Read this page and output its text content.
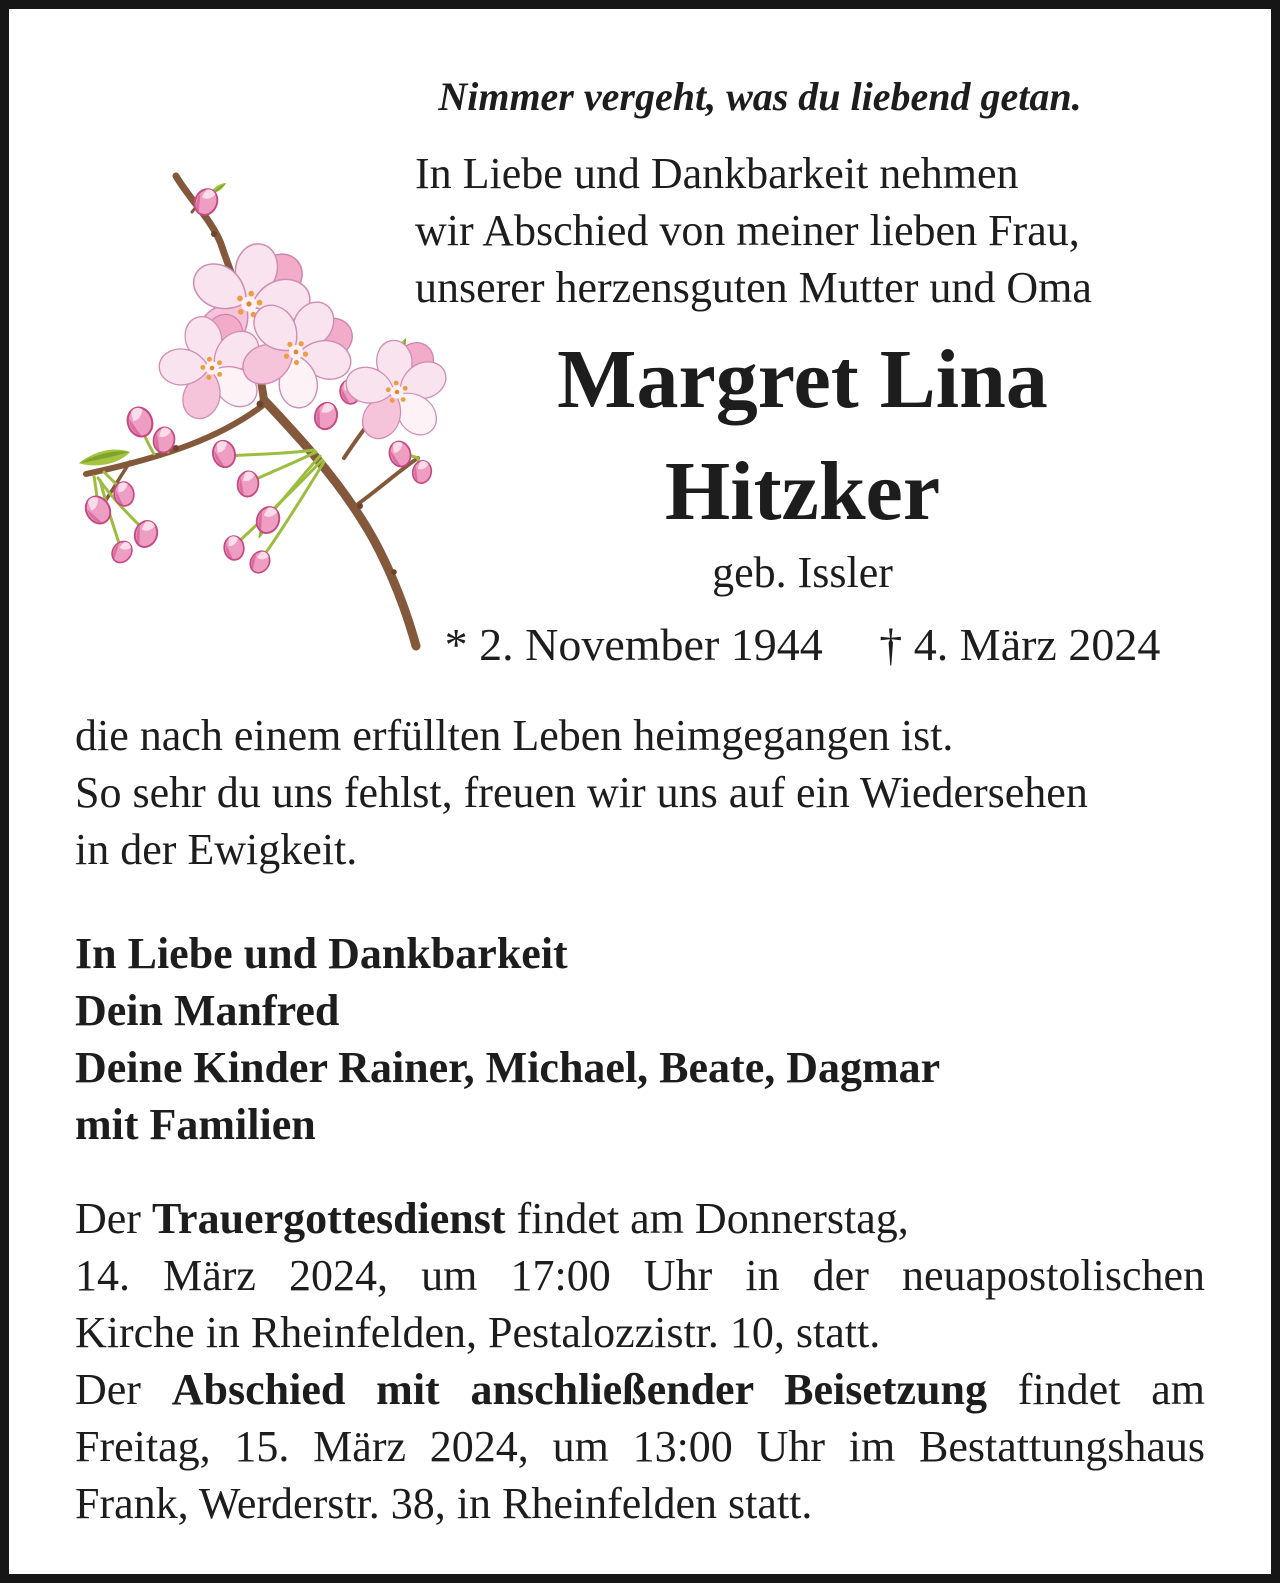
Nimmer vergeht, was du liebend getan.
In Liebe und Dankbarkeit nehmen
wir Abschied von meiner lieben Frau,
unserer herzensguten Mutter und Oma
Margret Lina
Hitzker
geb. Issler
* 2. November 1944 † 4. März 2024
die nach einem erfüllten Leben heimgegangen ist.
So sehr du uns fehlst, freuen wir uns auf ein Wiedersehen
in der Ewigkeit.
In Liebe und Dankbarkeit
Dein Manfred
Deine Kinder Rainer, Michael, Beate, Dagmar
mit Familien
Der Trauergottesdienst findet am Donnerstag,
14. März 2024, um 17:00 Uhr in der neuapostolischen
Kirche in Rheinfelden, Pestalozzistr. 10, statt.
Der Abschied mit anschließender Beisetzung findet am
Freitag, 15. März 2024, um 13:00 Uhr im Bestattungshaus
Frank, Werderstr. 38, in Rheinfelden statt.
